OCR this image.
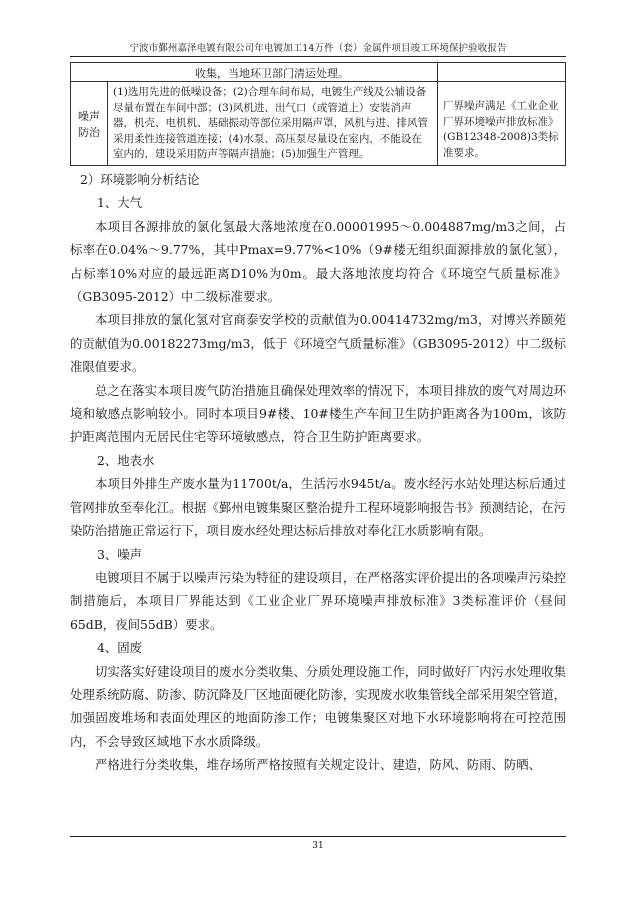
宁波市鄞州嘉泽电镀有限公司年电镀加工14万件（套）金属件项目竣工环境保护验收报告
收集，当地环卫部门清运处理。
噪声防治
(1)选用先进的低噪设备；(2)合理车间布局，电镀生产线及公辅设备尽量布置在车间中部；(3)风机进、出气口（或管道上）安装消声器，机壳、电机机、基础振动等部位采用隔声罩，风机与进、排风管采用柔性连接管道连接；(4)水泵、高压泵尽量设在室内，不能设在室内的，建设采用防声等隔声措施；(5)加强生产管理。
厂界噪声满足《工业企业厂界环境噪声排放标准》(GB12348-2008)3类标准要求。

2）环境影响分析结论

1、大气

本项目各源排放的氯化氢最大落地浓度在0.00001995～0.004887mg/m3之间，占标率在0.04%～9.77%，其中Pmax=9.77%<10%（9#楼无组织面源排放的氯化氢），占标率10%对应的最远距离D10%为0m。最大落地浓度均符合《环境空气质量标准》（GB3095-2012）中二级标准要求。

本项目排放的氯化氢对官商泰安学校的贡献值为0.00414732mg/m3，对博兴养颐苑的贡献值为0.00182273mg/m3，低于《环境空气质量标准》（GB3095-2012）中二级标准限值要求。

总之在落实本项目废气防治措施且确保处理效率的情况下，本项目排放的废气对周边环境和敏感点影响较小。同时本项目9#楼、10#楼生产车间卫生防护距离各为100m，该防护距离范围内无居民住宅等环境敏感点，符合卫生防护距离要求。

2、地表水

本项目外排生产废水量为11700t/a，生活污水945t/a。废水经污水站处理达标后通过管网排放至奉化江。根据《鄞州电镀集聚区整治提升工程环境影响报告书》预测结论，在污染防治措施正常运行下，项目废水经处理达标后排放对奉化江水质影响有限。

3、噪声

电镀项目不属于以噪声污染为特征的建设项目，在严格落实评价提出的各项噪声污染控制措施后，本项目厂界能达到《工业企业厂界环境噪声排放标准》3类标准评价（昼间65dB，夜间55dB）要求。

4、固废

切实落实好建设项目的废水分类收集、分质处理设施工作，同时做好厂内污水处理收集处理系统防腐、防渗、防沉降及厂区地面硬化防渗，实现废水收集管线全部采用架空管道，加强固废堆场和表面处理区的地面防渗工作；电镀集聚区对地下水环境影响将在可控范围内，不会导致区域地下水水质降级。

严格进行分类收集，堆存场所严格按照有关规定设计、建造，防风、防雨、防晒、

31
